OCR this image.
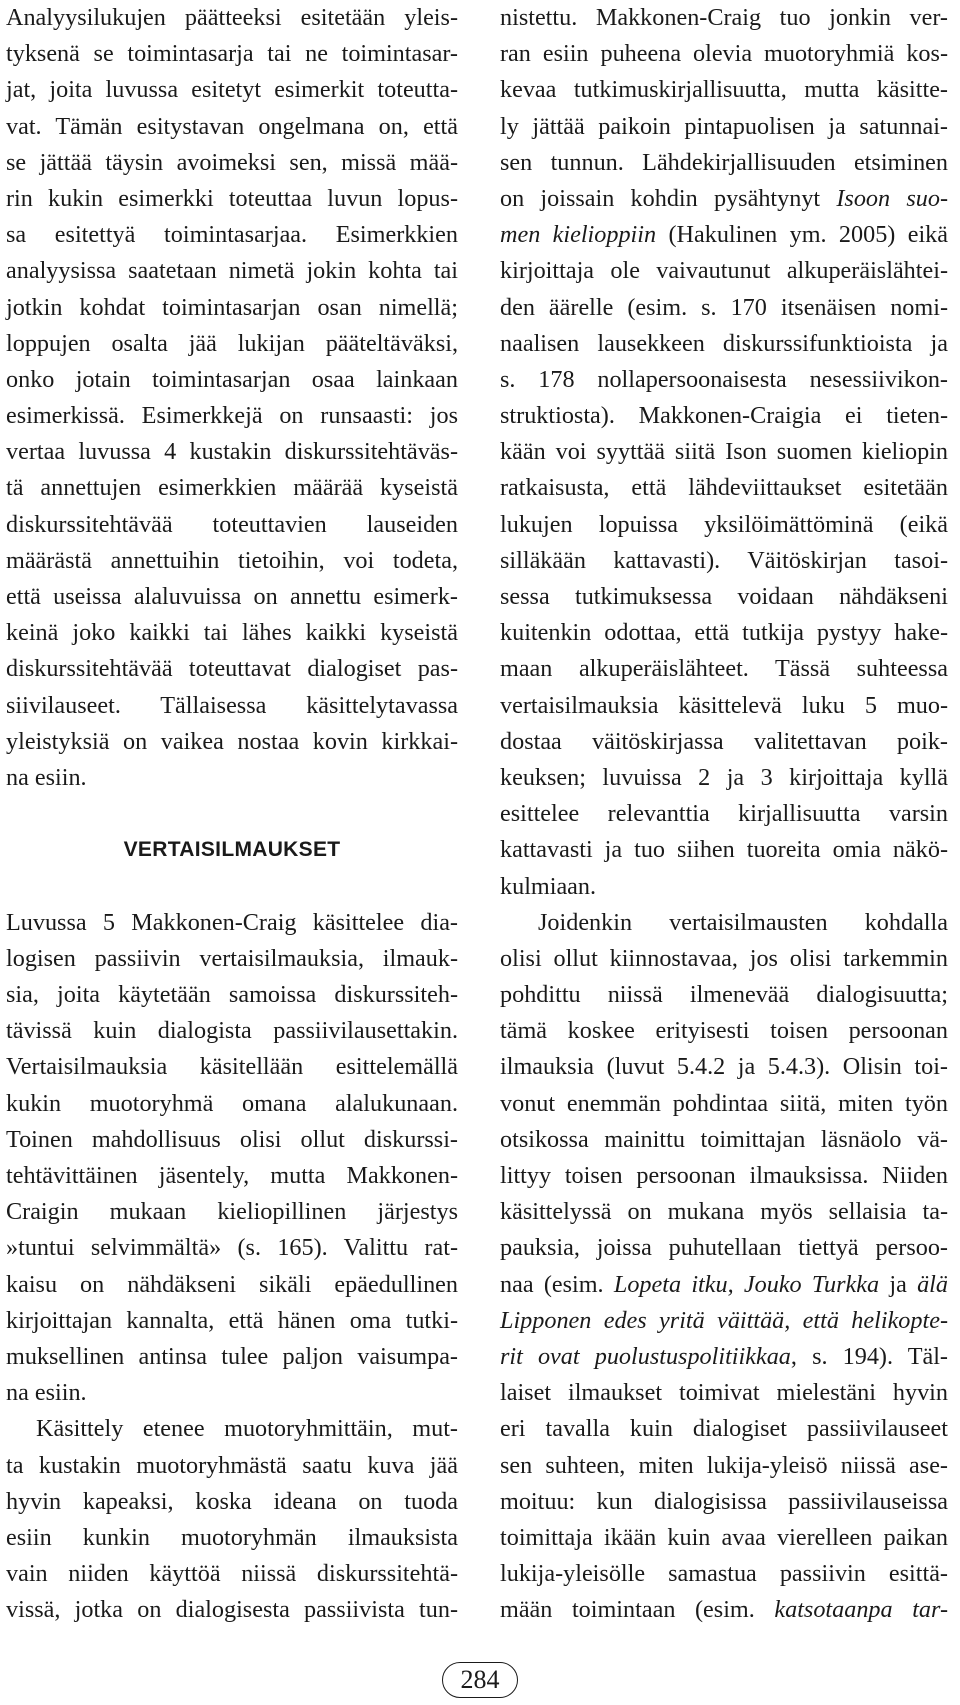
Analyysilukujen päätteeksi esitetään yleis-
tyksenä se toimintasarja tai ne toimintasar-
jat, joita luvussa esitetyt esimerkit toteutta-
vat. Tämän esitystavan ongelmana on, että
se jättää täysin avoimeksi sen, missä mää-
rin kukin esimerkki toteuttaa luvun lopus-
sa esitettyä toimintasarjaa. Esimerkkien
analyysissa saatetaan nimetä jokin kohta tai
jotkin kohdat toimintasarjan osan nimellä;
loppujen osalta jää lukijan pääteltäväksi,
onko jotain toimintasarjan osaa lainkaan
esimerkissä. Esimerkkejä on runsaasti: jos
vertaa luvussa 4 kustakin diskurssitehtäväs-
tä annettujen esimerkkien määrää kyseistä
diskurssitehtävää toteuttavien lauseiden
määrästä annettuihin tietoihin, voi todeta,
että useissa alaluvuissa on annettu esimerk-
keinä joko kaikki tai lähes kaikki kyseistä
diskurssitehtävää toteuttavat dialogiset pas-
siivilauseet. Tällaisessa käsittelytavassa
yleistyksiä on vaikea nostaa kovin kirkkai-
na esiin.
VERTAISILMAUKSET
Luvussa 5 Makkonen-Craig käsittelee dia-
logisen passiivin vertaisilmauksia, ilmauk-
sia, joita käytetään samoissa diskurssiteh-
tävissä kuin dialogista passiivilausettakin.
Vertaisilmauksia käsitellään esittelemällä
kukin muotoryhmä omana alalukunaan.
Toinen mahdollisuus olisi ollut diskurssi-
tehtävittäinen jäsentely, mutta Makkonen-
Craigin mukaan kieliopillinen järjestys
»tuntui selvimmältä» (s. 165). Valittu rat-
kaisu on nähdäkseni sikäli epäedullinen
kirjoittajan kannalta, että hänen oma tutki-
muksellinen antinsa tulee paljon vaisumpa-
na esiin.
Käsittely etenee muotoryhmittäin, mut-
ta kustakin muotoryhmästä saatu kuva jää
hyvin kapeaksi, koska ideana on tuoda
esiin kunkin muotoryhmän ilmauksista
vain niiden käyttöä niissä diskurssitehtä-
vissä, jotka on dialogisesta passiivista tun-
nistettu. Makkonen-Craig tuo jonkin ver-
ran esiin puheena olevia muotoryhmiä kos-
kevaa tutkimuskirjallisuutta, mutta käsitte-
ly jättää paikoin pintapuolisen ja satunnai-
sen tunnun. Lähdekirjallisuuden etsiminen
on joissain kohdin pysähtynyt Isoon suo-
men kielioppiin (Hakulinen ym. 2005) eikä
kirjoittaja ole vaivautunut alkuperäislähtei-
den äärelle (esim. s. 170 itsenäisen nomi-
naalisen lausekkeen diskurssifunktioista ja
s. 178 nollapersoonaisesta nesessiivikon-
struktiosta). Makkonen-Craigia ei tieten-
kään voi syyttää siitä Ison suomen kieliopin
ratkaisusta, että lähdeviittaukset esitetään
lukujen lopuissa yksilöimättöminä (eikä
silläkään kattavasti). Väitöskirjan tasoi-
sessa tutkimuksessa voidaan nähdäkseni
kuitenkin odottaa, että tutkija pystyy hake-
maan alkuperäislähteet. Tässä suhteessa
vertaisilmauksia käsittelevä luku 5 muo-
dostaa väitöskirjassa valitettavan poik-
keuksen; luvuissa 2 ja 3 kirjoittaja kyllä
esittelee relevanttia kirjallisuutta varsin
kattavasti ja tuo siihen tuoreita omia näkö-
kulmiaan.
Joidenkin vertaisilmausten kohdalla
olisi ollut kiinnostavaa, jos olisi tarkemmin
pohdittu niissä ilmenevää dialogisuutta;
tämä koskee erityisesti toisen persoonan
ilmauksia (luvut 5.4.2 ja 5.4.3). Olisin toi-
vonut enemmän pohdintaa siitä, miten työn
otsikossa mainittu toimittajan läsnäolo vä-
littyy toisen persoonan ilmauksissa. Niiden
käsittelyssä on mukana myös sellaisia ta-
pauksia, joissa puhutellaan tiettyä persoo-
naa (esim. Lopeta itku, Jouko Turkka ja älä
Lipponen edes yritä väittää, että helikopte-
rit ovat puolustuspolitiikkaa, s. 194). Täl-
laiset ilmaukset toimivat mielestäni hyvin
eri tavalla kuin dialogiset passiivilauseet
sen suhteen, miten lukija-yleisö niissä ase-
moituu: kun dialogisissa passiivilauseissa
toimittaja ikään kuin avaa vierelleen paikan
lukija-yleisölle samastua passiivin esittä-
mään toimintaan (esim. katsotaanpa tar-
284
